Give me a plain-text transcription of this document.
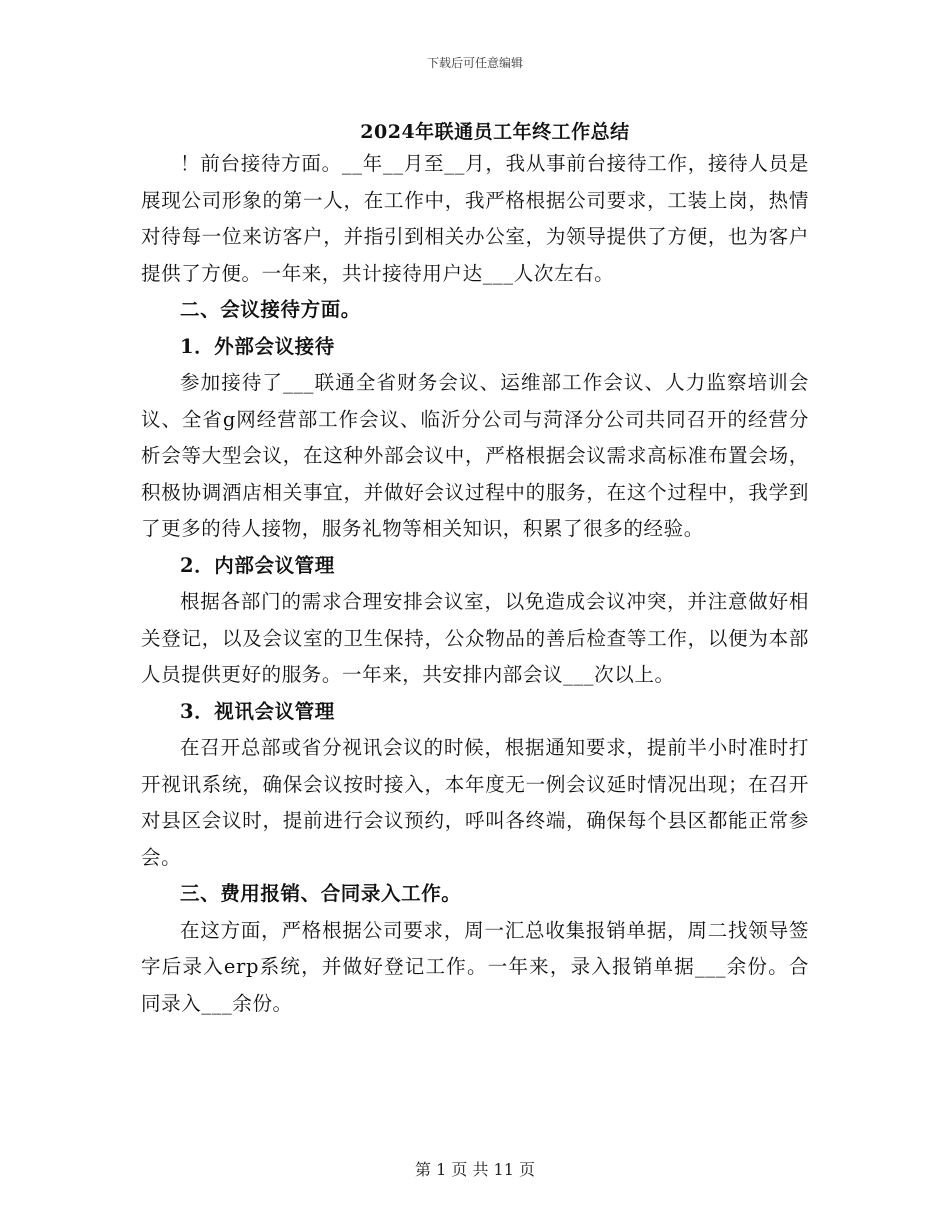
下载后可任意编辑
2024年联通员工年终工作总结

！前台接待方面。__年__月至__月，我从事前台接待工作，接待人员是展现公司形象的第一人，在工作中，我严格根据公司要求，工装上岗，热情对待每一位来访客户，并指引到相关办公室，为领导提供了方便，也为客户提供了方便。一年来，共计接待用户达___人次左右。

二、会议接待方面。

1．外部会议接待

参加接待了___联通全省财务会议、运维部工作会议、人力监察培训会议、全省g网经营部工作会议、临沂分公司与菏泽分公司共同召开的经营分析会等大型会议，在这种外部会议中，严格根据会议需求高标准布置会场，积极协调酒店相关事宜，并做好会议过程中的服务，在这个过程中，我学到了更多的待人接物，服务礼物等相关知识，积累了很多的经验。

2．内部会议管理

根据各部门的需求合理安排会议室，以免造成会议冲突，并注意做好相关登记，以及会议室的卫生保持，公众物品的善后检查等工作，以便为本部人员提供更好的服务。一年来，共安排内部会议___次以上。

3．视讯会议管理

在召开总部或省分视讯会议的时候，根据通知要求，提前半小时准时打开视讯系统，确保会议按时接入，本年度无一例会议延时情况出现；在召开对县区会议时，提前进行会议预约，呼叫各终端，确保每个县区都能正常参会。

三、费用报销、合同录入工作。

在这方面，严格根据公司要求，周一汇总收集报销单据，周二找领导签字后录入erp系统，并做好登记工作。一年来，录入报销单据___余份。合同录入___余份。

第 1 页 共 11 页
